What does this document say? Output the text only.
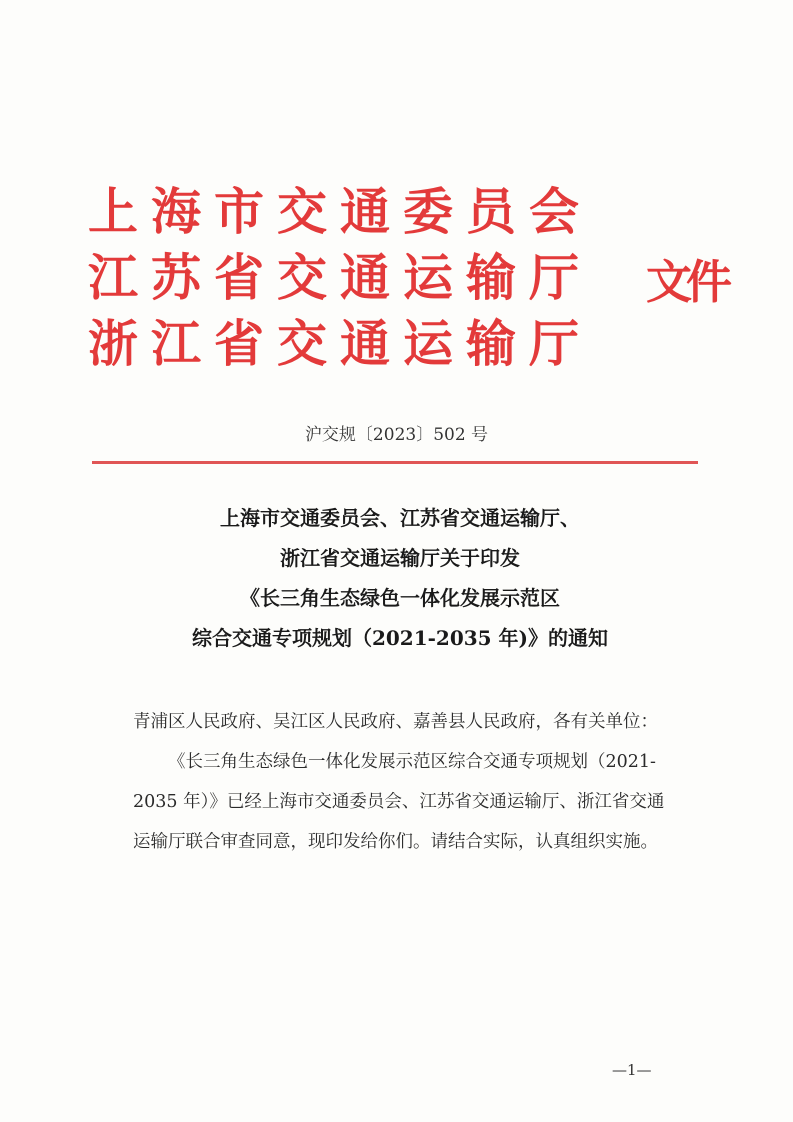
上 海 市 交 通 委 员 会
江 苏 省 交 通 运 输 厅
浙 江 省 交 通 运 输 厅
文件
沪交规〔2023〕502 号
上海市交通委员会、江苏省交通运输厅、
浙江省交通运输厅关于印发
《长三角生态绿色一体化发展示范区
综合交通专项规划（2021-2035 年)》的通知

青浦区人民政府、吴江区人民政府、嘉善县人民政府，各有关单位：

《长三角生态绿色一体化发展示范区综合交通专项规划（2021-2035 年）》已经上海市交通委员会、江苏省交通运输厅、浙江省交通运输厅联合审查同意，现印发给你们。请结合实际，认真组织实施。

—1—
